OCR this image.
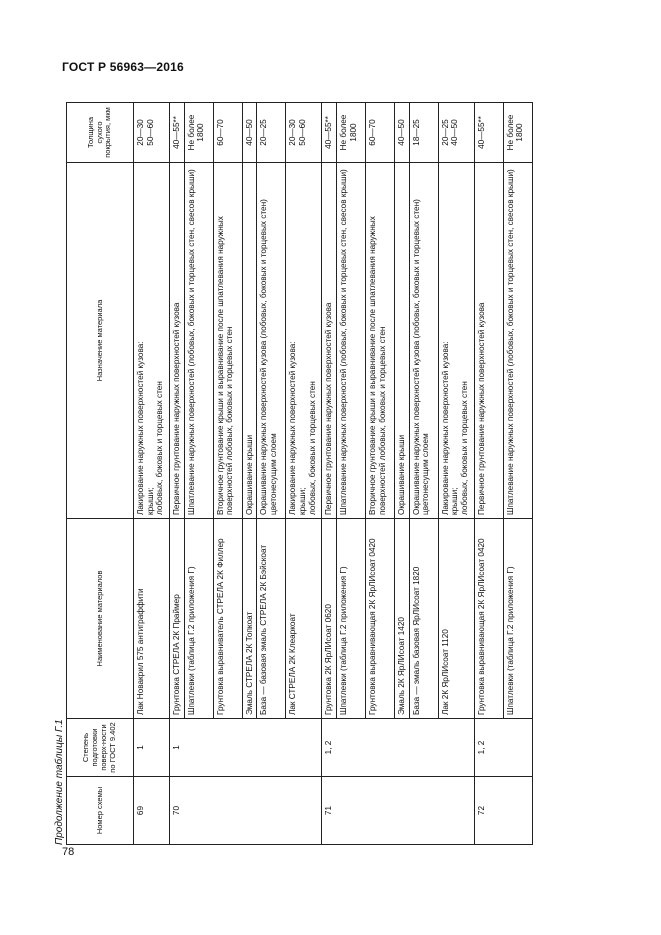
ГОСТ Р 56963—2016
78
Продолжение таблицы Г.1	Номер схемы	Степень подготовки поверх-ности по ГОСТ 9.402	Наименование материалов	Назначение материала	Толщина сухого покрытия, мкм
69	1	Лак Новакрил 575 антиграффити	Лакирование наружных поверхностей кузова:
крыши;
лобовых, боковых и торцевых стен	20—30
50—60
70	1	Грунтовка СТРЕЛА 2К Праймер	Первичное грунтование наружных поверхностей кузова	40—55**
		Шпатлевки (таблица Г.2 приложения Г)	Шпатлевание наружных поверхностей (лобовых, боковых и торцевых стен, свесов крыши)	Не более 1800
		Грунтовка выравниватель СТРЕЛА 2К Филлер	Вторичное грунтование крыши и выравнивание после шпатлевания наружных поверхностей лобовых, боковых и торцевых стен	60—70
		Эмаль СТРЕЛА 2К Топкоат	Окрашивание крыши	40—50
		База — базовая эмаль СТРЕЛА 2К Бэйскоат	Окрашивание наружных поверхностей кузова (лобовых, боковых и торцевых стен) цветонесущим слоем	20—25
		Лак СТРЕЛА 2К Клеаркоат	Лакирование наружных поверхностей кузова:
крыши;
лобовых, боковых и торцевых стен	20—30
50—60
71	1, 2	Грунтовка 2К ЯрЛИсоат 0620	Первичное грунтование наружных поверхностей кузова	40—55**
		Шпатлевки (таблица Г.2 приложения Г)	Шпатлевание наружных поверхностей (лобовых, боковых и торцевых стен, свесов крыши)	Не более 1800
		Грунтовка выравнивающая 2К ЯрЛИсоат 0420	Вторичное грунтование крыши и выравнивание после шпатлевания наружных поверхностей лобовых, боковых и торцевых стен	60—70
		Эмаль 2К ЯрЛИсоат 1420	Окрашивание крыши	40—50
		База — эмаль базовая ЯрЛИсоат 1820	Окрашивание наружных поверхностей кузова (лобовых, боковых и торцевых стен) цветонесущим слоем	18—25
		Лак 2К ЯрЛИсоат 1120	Лакирование наружных поверхностей кузова:
крыши;
лобовых, боковых и торцевых стен	20—25
40—50
72	1, 2	Грунтовка выравнивающая 2К ЯрЛИсоат 0420	Первичное грунтование наружных поверхностей кузова	40—55**
		Шпатлевки (таблица Г.2 приложения Г)	Шпатлевание наружных поверхностей (лобовых, боковых и торцевых стен, свесов крыши)	Не более 1800
